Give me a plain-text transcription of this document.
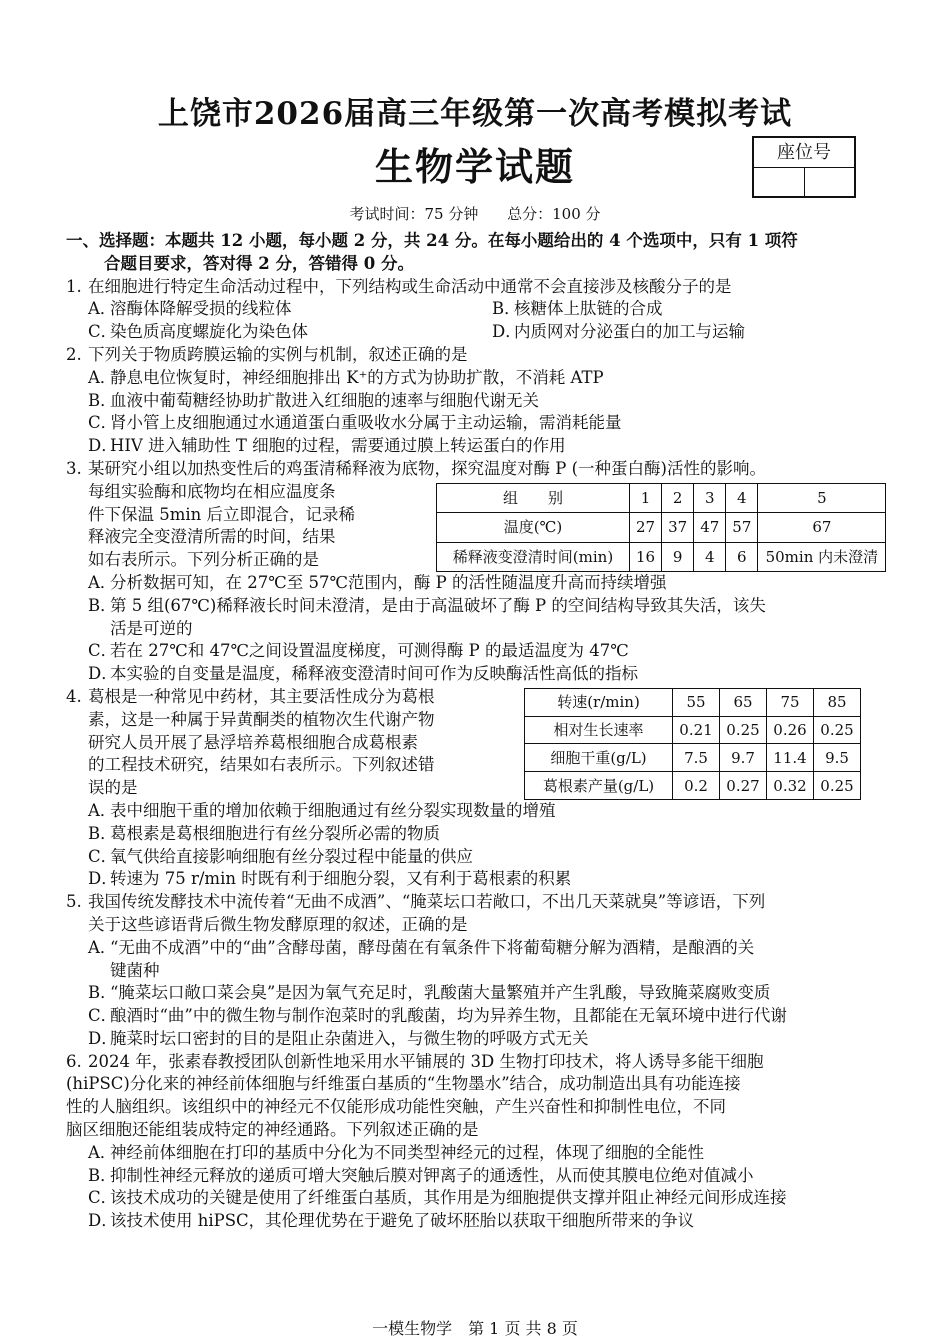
上饶市2026届高三年级第一次高考模拟考试
生物学试题	座位号
考试时间：75 分钟 总分：100 分
一、选择题：本题共 12 小题，每小题 2 分，共 24 分。在每小题给出的 4 个选项中，只有 1 项符
合题目要求，答对得 2 分，答错得 0 分。
1. 在细胞进行特定生命活动过程中，下列结构或生命活动中通常不会直接涉及核酸分子的是
A．溶酶体降解受损的线粒体	B．核糖体上肽链的合成
C．染色质高度螺旋化为染色体	D．内质网对分泌蛋白的加工与运输
2. 下列关于物质跨膜运输的实例与机制，叙述正确的是
A．静息电位恢复时，神经细胞排出 K⁺的方式为协助扩散，不消耗 ATP
B．血液中葡萄糖经协助扩散进入红细胞的速率与细胞代谢无关
C．肾小管上皮细胞通过水通道蛋白重吸收水分属于主动运输，需消耗能量
D．HIV 进入辅助性 T 细胞的过程，需要通过膜上转运蛋白的作用
3. 某研究小组以加热变性后的鸡蛋清稀释液为底物，探究温度对酶 P (一种蛋白酶)活性的影响。
每组实验酶和底物均在相应温度条
件下保温 5min 后立即混合，记录稀
释液完全变澄清所需的时间，结果
如右表所示。下列分析正确的是
组　　别	1	2	3	4	5
温度(℃)	27	37	47	57	67
稀释液变澄清时间(min)	16	9	4	6	50min 内未澄清
A．分析数据可知，在 27℃至 57℃范围内，酶 P 的活性随温度升高而持续增强
B．第 5 组(67℃)稀释液长时间未澄清，是由于高温破坏了酶 P 的空间结构导致其失活，该失
活是可逆的
C．若在 27℃和 47℃之间设置温度梯度，可测得酶 P 的最适温度为 47℃
D．本实验的自变量是温度，稀释液变澄清时间可作为反映酶活性高低的指标
4. 葛根是一种常见中药材，其主要活性成分为葛根
素，这是一种属于异黄酮类的植物次生代谢产物
研究人员开展了悬浮培养葛根细胞合成葛根素
的工程技术研究，结果如右表所示。下列叙述错
误的是
转速(r/min)	55	65	75	85
相对生长速率	0.21	0.25	0.26	0.25
细胞干重(g/L)	7.5	9.7	11.4	9.5
葛根素产量(g/L)	0.2	0.27	0.32	0.25
A．表中细胞干重的增加依赖于细胞通过有丝分裂实现数量的增殖
B．葛根素是葛根细胞进行有丝分裂所必需的物质
C．氧气供给直接影响细胞有丝分裂过程中能量的供应
D．转速为 75 r/min 时既有利于细胞分裂，又有利于葛根素的积累
5. 我国传统发酵技术中流传着“无曲不成酒”、“腌菜坛口若敞口，不出几天菜就臭”等谚语，下列
关于这些谚语背后微生物发酵原理的叙述，正确的是
A．“无曲不成酒”中的“曲”含酵母菌，酵母菌在有氧条件下将葡萄糖分解为酒精，是酿酒的关
键菌种
B．“腌菜坛口敞口菜会臭”是因为氧气充足时，乳酸菌大量繁殖并产生乳酸，导致腌菜腐败变质
C．酿酒时“曲”中的微生物与制作泡菜时的乳酸菌，均为异养生物，且都能在无氧环境中进行代谢
D．腌菜时坛口密封的目的是阻止杂菌进入，与微生物的呼吸方式无关
6. 2024 年，张素春教授团队创新性地采用水平铺展的 3D 生物打印技术，将人诱导多能干细胞
(hiPSC)分化来的神经前体细胞与纤维蛋白基质的“生物墨水”结合，成功制造出具有功能连接
性的人脑组织。该组织中的神经元不仅能形成功能性突触，产生兴奋性和抑制性电位，不同
脑区细胞还能组装成特定的神经通路。下列叙述正确的是
A．神经前体细胞在打印的基质中分化为不同类型神经元的过程，体现了细胞的全能性
B．抑制性神经元释放的递质可增大突触后膜对钾离子的通透性，从而使其膜电位绝对值减小
C．该技术成功的关键是使用了纤维蛋白基质，其作用是为细胞提供支撑并阻止神经元间形成连接
D．该技术使用 hiPSC，其伦理优势在于避免了破坏胚胎以获取干细胞所带来的争议
一模生物学　第 1 页 共 8 页
